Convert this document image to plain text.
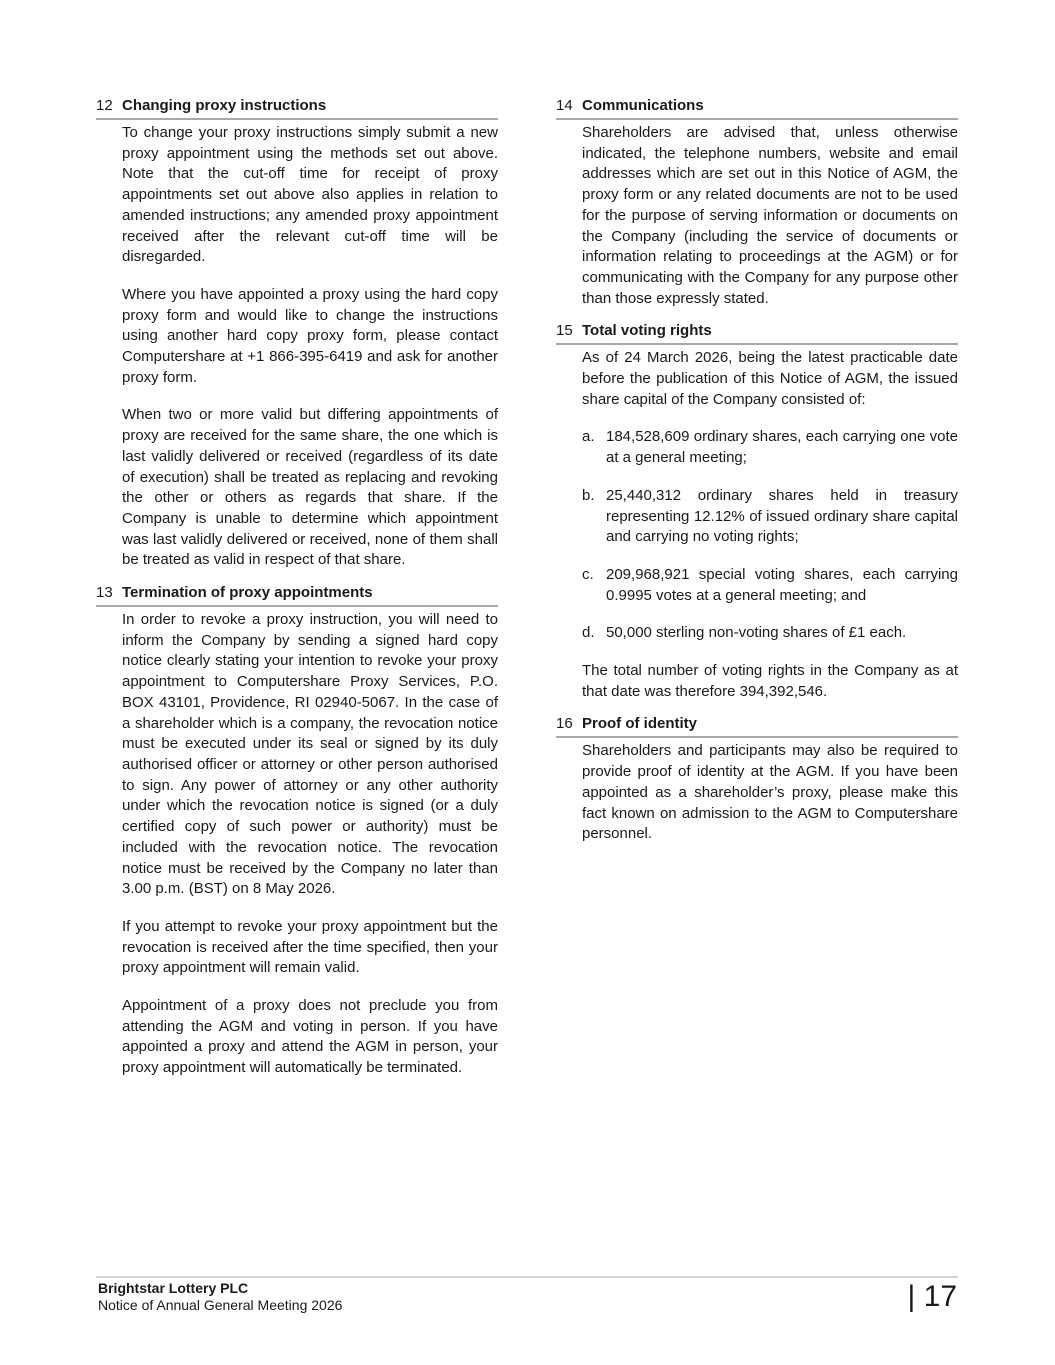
12 Changing proxy instructions

To change your proxy instructions simply submit a new proxy appointment using the methods set out above. Note that the cut-off time for receipt of proxy appointments set out above also applies in relation to amended instructions; any amended proxy appointment received after the relevant cut-off time will be disregarded.

Where you have appointed a proxy using the hard copy proxy form and would like to change the instructions using another hard copy proxy form, please contact Computershare at +1 866-395-6419 and ask for another proxy form.

When two or more valid but differing appointments of proxy are received for the same share, the one which is last validly delivered or received (regardless of its date of execution) shall be treated as replacing and revoking the other or others as regards that share. If the Company is unable to determine which appointment was last validly delivered or received, none of them shall be treated as valid in respect of that share.

13 Termination of proxy appointments

In order to revoke a proxy instruction, you will need to inform the Company by sending a signed hard copy notice clearly stating your intention to revoke your proxy appointment to Computershare Proxy Services, P.O. BOX 43101, Providence, RI 02940-5067. In the case of a shareholder which is a company, the revocation notice must be executed under its seal or signed by its duly authorised officer or attorney or other person authorised to sign. Any power of attorney or any other authority under which the revocation notice is signed (or a duly certified copy of such power or authority) must be included with the revocation notice. The revocation notice must be received by the Company no later than 3.00 p.m. (BST) on 8 May 2026.

If you attempt to revoke your proxy appointment but the revocation is received after the time specified, then your proxy appointment will remain valid.

Appointment of a proxy does not preclude you from attending the AGM and voting in person. If you have appointed a proxy and attend the AGM in person, your proxy appointment will automatically be terminated.

14 Communications

Shareholders are advised that, unless otherwise indicated, the telephone numbers, website and email addresses which are set out in this Notice of AGM, the proxy form or any related documents are not to be used for the purpose of serving information or documents on the Company (including the service of documents or information relating to proceedings at the AGM) or for communicating with the Company for any purpose other than those expressly stated.

15 Total voting rights

As of 24 March 2026, being the latest practicable date before the publication of this Notice of AGM, the issued share capital of the Company consisted of:

a. 184,528,609 ordinary shares, each carrying one vote at a general meeting;
b. 25,440,312 ordinary shares held in treasury representing 12.12% of issued ordinary share capital and carrying no voting rights;
c. 209,968,921 special voting shares, each carrying 0.9995 votes at a general meeting; and
d. 50,000 sterling non-voting shares of £1 each.

The total number of voting rights in the Company as at that date was therefore 394,392,546.

16 Proof of identity

Shareholders and participants may also be required to provide proof of identity at the AGM. If you have been appointed as a shareholder’s proxy, please make this fact known on admission to the AGM to Computershare personnel.

Brightstar Lottery PLC
Notice of Annual General Meeting 2026	| 17
